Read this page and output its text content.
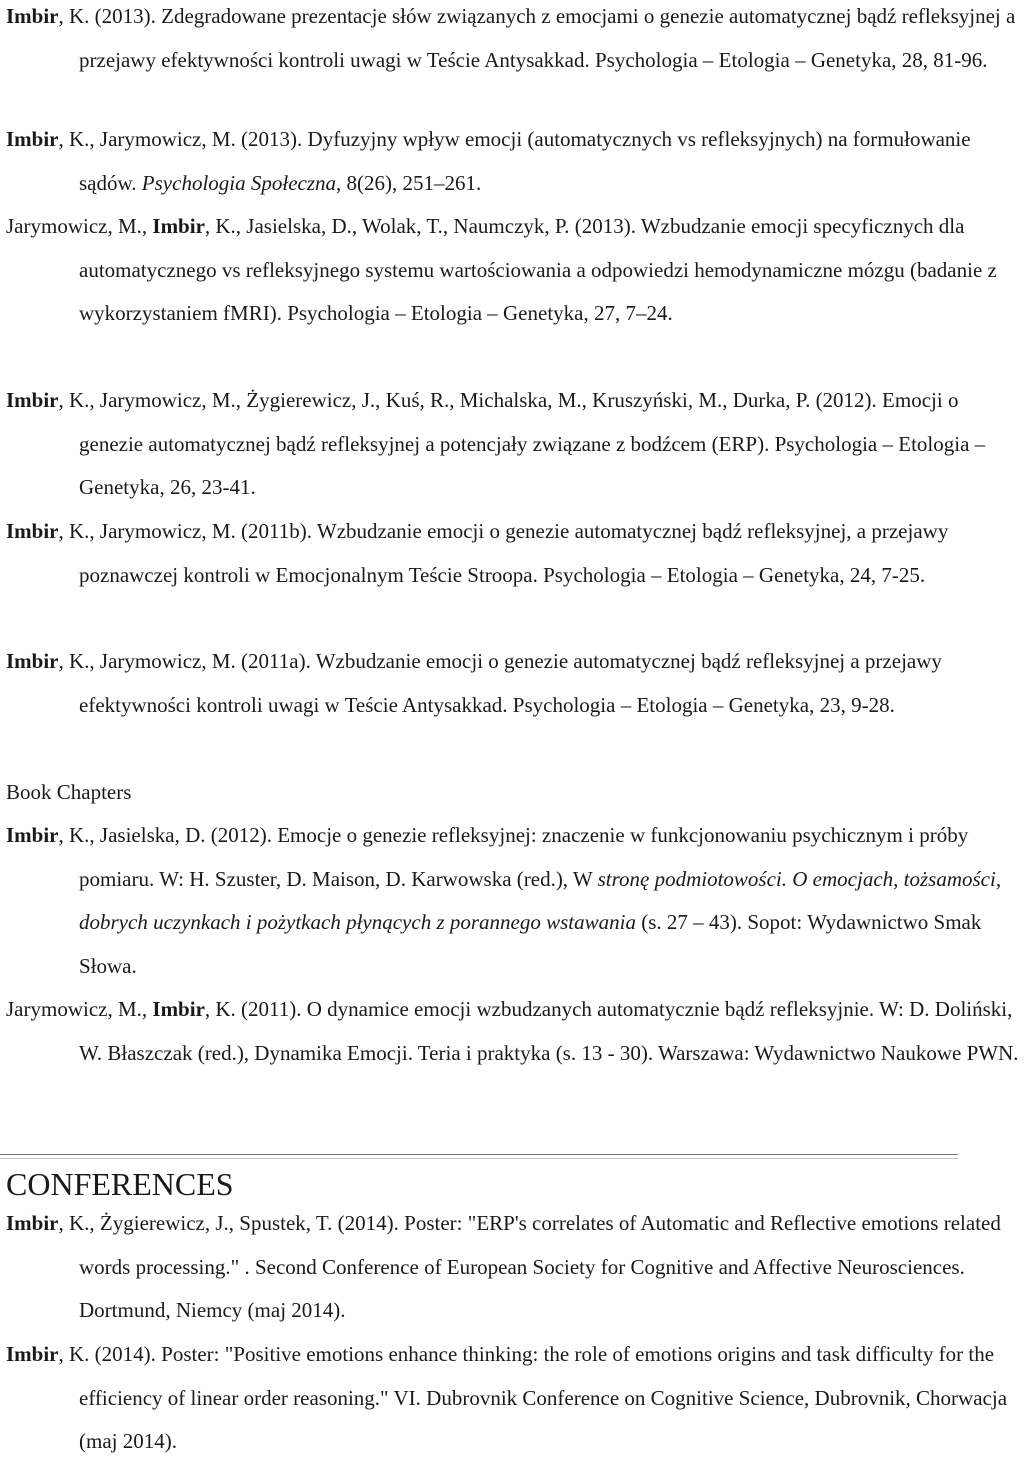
Imbir, K. (2013). Zdegradowane prezentacje słów związanych z emocjami o genezie automatycznej bądź refleksyjnej a przejawy efektywności kontroli uwagi w Teście Antysakkad. Psychologia – Etologia – Genetyka, 28, 81-96.

Imbir, K., Jarymowicz, M. (2013). Dyfuzyjny wpływ emocji (automatycznych vs refleksyjnych) na formułowanie sądów. Psychologia Społeczna, 8(26), 251–261.

Jarymowicz, M., Imbir, K., Jasielska, D., Wolak, T., Naumczyk, P. (2013). Wzbudzanie emocji specyficznych dla automatycznego vs refleksyjnego systemu wartościowania a odpowiedzi hemodynamiczne mózgu (badanie z wykorzystaniem fMRI). Psychologia – Etologia – Genetyka, 27, 7–24.

Imbir, K., Jarymowicz, M., Żygierewicz, J., Kuś, R., Michalska, M., Kruszyński, M., Durka, P. (2012). Emocji o genezie automatycznej bądź refleksyjnej a potencjały związane z bodźcem (ERP). Psychologia – Etologia – Genetyka, 26, 23-41.

Imbir, K., Jarymowicz, M. (2011b). Wzbudzanie emocji o genezie automatycznej bądź refleksyjnej, a przejawy poznawczej kontroli w Emocjonalnym Teście Stroopa. Psychologia – Etologia – Genetyka, 24, 7-25.

Imbir, K., Jarymowicz, M. (2011a). Wzbudzanie emocji o genezie automatycznej bądź refleksyjnej a przejawy efektywności kontroli uwagi w Teście Antysakkad. Psychologia – Etologia – Genetyka, 23, 9-28.

Book Chapters

Imbir, K., Jasielska, D. (2012). Emocje o genezie refleksyjnej: znaczenie w funkcjonowaniu psychicznym i próby pomiaru. W: H. Szuster, D. Maison, D. Karwowska (red.), W stronę podmiotowości. O emocjach, tożsamości, dobrych uczynkach i pożytkach płynących z porannego wstawania (s. 27 – 43). Sopot: Wydawnictwo Smak Słowa.

Jarymowicz, M., Imbir, K. (2011). O dynamice emocji wzbudzanych automatycznie bądź refleksyjnie. W: D. Doliński, W. Błaszczak (red.), Dynamika Emocji. Teria i praktyka (s. 13 - 30). Warszawa: Wydawnictwo Naukowe PWN.

CONFERENCES

Imbir, K., Żygierewicz, J., Spustek, T. (2014). Poster: "ERP's correlates of Automatic and Reflective emotions related words processing." . Second Conference of European Society for Cognitive and Affective Neurosciences. Dortmund, Niemcy (maj 2014).

Imbir, K. (2014). Poster: "Positive emotions enhance thinking: the role of emotions origins and task difficulty for the efficiency of linear order reasoning." VI. Dubrovnik Conference on Cognitive Science, Dubrovnik, Chorwacja (maj 2014).
